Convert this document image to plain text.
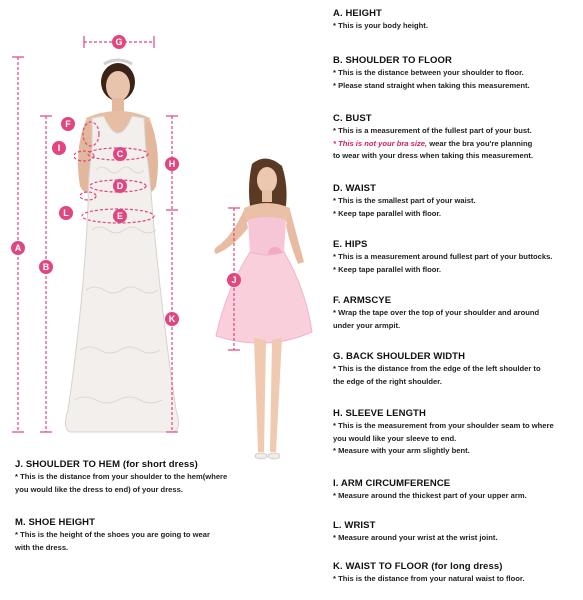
G
F
I
C
D
L	E
H
A
B
K
J
A. HEIGHT
* This is your body height.
B. SHOULDER TO FLOOR
* This is the distance between your shoulder to floor.
* Please stand straight when taking this measurement.
C. BUST
* This is a measurement of the fullest part of your bust.
* This is not your bra size, wear the bra you're planning
to wear with your dress when taking this measurement.
D. WAIST
* This is the smallest part of your waist.
* Keep tape parallel with floor.
E. HIPS
* This is a measurement around fullest part of your buttocks.
* Keep tape parallel with floor.
F. ARMSCYE
* Wrap the tape over the top of your shoulder and around
under your armpit.
G. BACK SHOULDER WIDTH
* This is the distance from the edge of the left shoulder to
the edge of the right shoulder.
H. SLEEVE LENGTH
* This is the measurement from your shoulder seam to where
you would like your sleeve to end.
* Measure with your arm slightly bent.
I. ARM CIRCUMFERENCE
* Measure around the thickest part of your upper arm.
L. WRIST
* Measure around your wrist at the wrist joint.
K. WAIST TO FLOOR (for long dress)
* This is the distance from your natural waist to floor.
J. SHOULDER TO HEM (for short dress)
* This is the distance from your shoulder to the hem(where
you would like the dress to end) of your dress.
M. SHOE HEIGHT
* This is the height of the shoes you are going to wear
with the dress.
